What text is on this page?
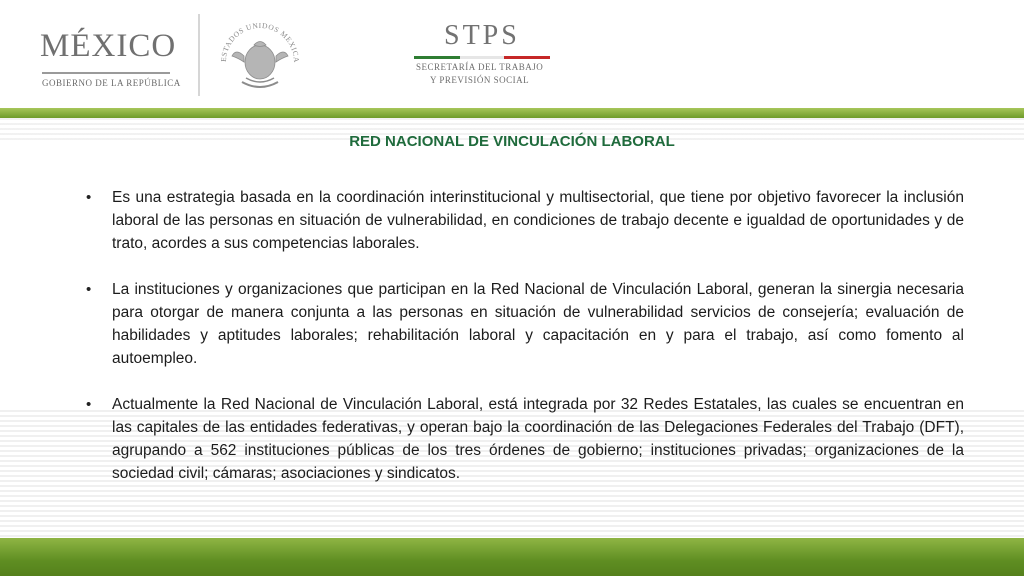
MÉXICO
GOBIERNO DE LA REPÚBLICA
ESTADOS UNIDOS MEXICA
STPS
SECRETARÍA DEL TRABAJO
Y PREVISIÓN SOCIAL
RED NACIONAL DE VINCULACIÓN LABORAL
• Es una estrategia basada en la coordinación interinstitucional y multisectorial, que tiene por objetivo favorecer la inclusión laboral de las personas en situación de vulnerabilidad, en condiciones de trabajo decente e igualdad de oportunidades y de trato, acordes a sus competencias laborales.
• La instituciones y organizaciones que participan en la Red Nacional de Vinculación Laboral, generan la sinergia necesaria para otorgar de manera conjunta a las personas en situación de vulnerabilidad servicios de consejería; evaluación de habilidades y aptitudes laborales; rehabilitación laboral y capacitación en y para el trabajo, así como fomento al autoempleo.
• Actualmente la Red Nacional de Vinculación Laboral, está integrada por 32 Redes Estatales, las cuales se encuentran en las capitales de las entidades federativas, y operan bajo la coordinación de las Delegaciones Federales del Trabajo (DFT), agrupando a 562 instituciones públicas de los tres órdenes de gobierno; instituciones privadas; organizaciones de la sociedad civil; cámaras; asociaciones y sindicatos.
